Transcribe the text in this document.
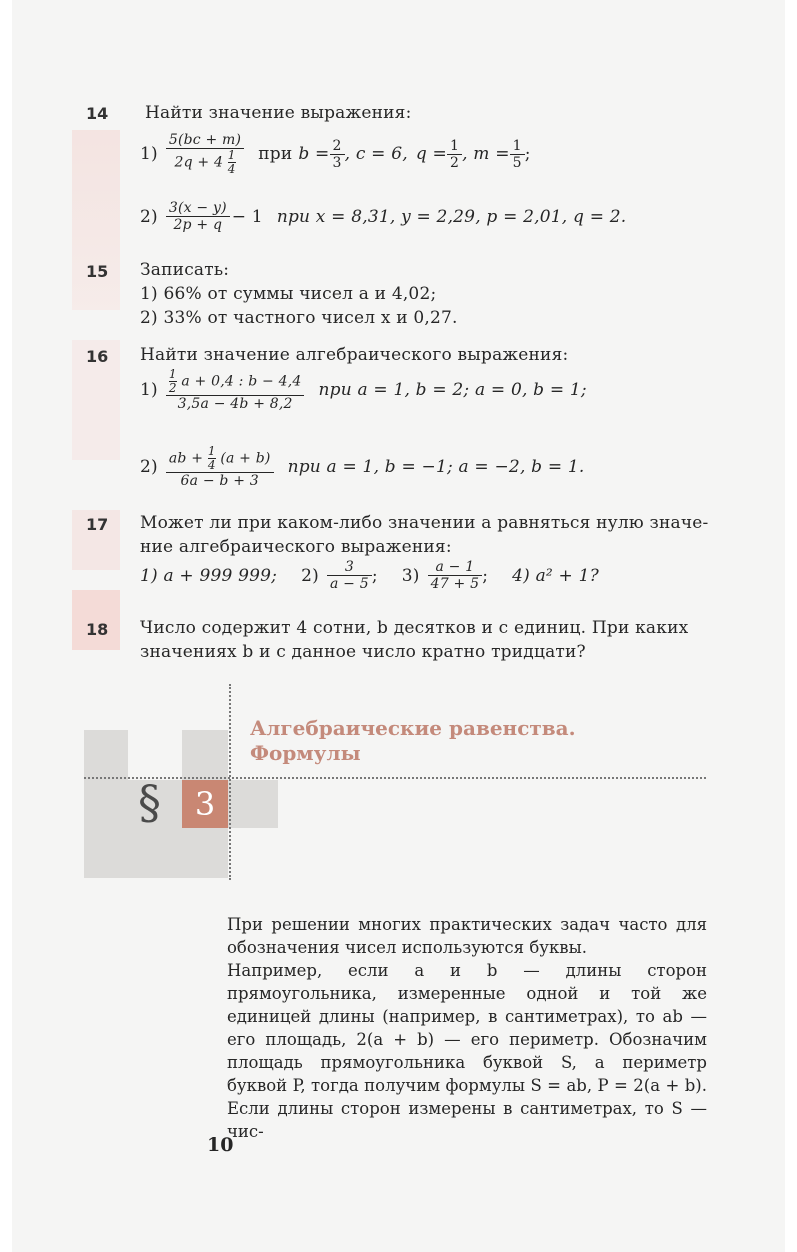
14 Найти значение выражения:
$1) \frac{5(bc + m)}{2q + 4 \frac{1}{4}}$ при $b = \frac{2}{3}$ , c = 6, $q = \frac{1}{2}$ , $m = \frac{1}{5}$ ;
$2) \frac{3(x - y)}{2p + q} - 1$ при x = 8,31, y = 2,29, p = 2,01, q = 2.
15 Записать:
1) 66% от суммы чисел a и 4,02;
2) 33% от частного чисел x и 0,27.
16 Найти значение алгебраического выражения:
$1) \frac{\frac{1}{2} a + 0,4 : b - 4,4}{3,5a - 4b + 8,2}$ при a = 1, b = 2; a = 0, b = 1;
$2) \frac{ab + \frac{1}{4} (a + b)}{6a - b + 3}$ при a = 1, b = −1; a = −2, b = 1.
17 Может ли при каком-либо значении a равняться нулю значе-
ние алгебраического выражения:
1) a + 999 999; $2) \frac{3}{a - 5}$ ; $3) \frac{a - 1}{47 + 5}$ ; 4) a² + 1?
18 Число содержит 4 сотни, b десятков и c единиц. При каких
значениях b и c данное число кратно тридцати?
§	3
Алгебраические равенства.
Формулы

При решении многих практических задач часто для обозначения чисел используются буквы.

Например, если a и b — длины сторон прямоугольника, измеренные одной и той же единицей длины (например, в сантиметрах), то ab — его площадь, 2(a + b) — его периметр. Обозначим площадь прямоугольника буквой S, а периметр буквой P, тогда получим формулы S = ab, P = 2(a + b). Если длины сторон измерены в сантиметрах, то S — чис-

10
